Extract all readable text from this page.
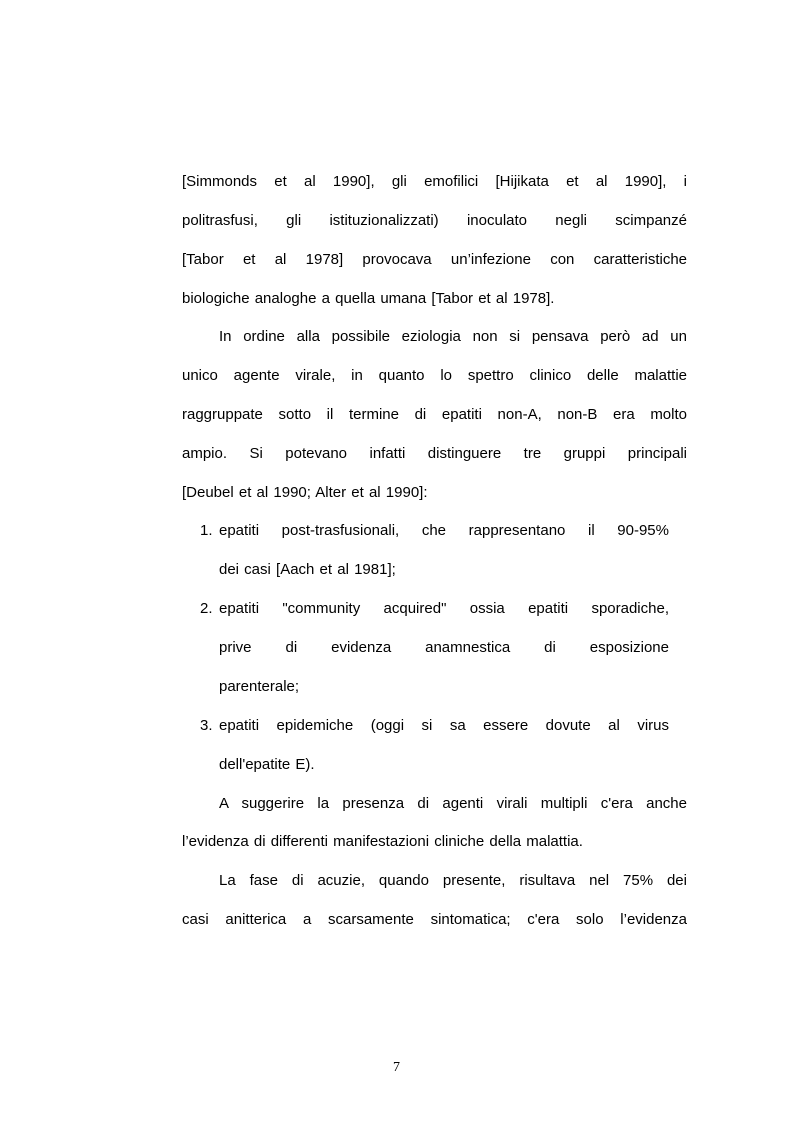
[Simmonds et al 1990], gli emofilici [Hijikata et al 1990], i
politrasfusi, gli istituzionalizzati) inoculato negli scimpanzé
[Tabor et al 1978] provocava un’infezione con caratteristiche
biologiche analoghe a quella umana [Tabor et al 1978].
In ordine alla possibile eziologia non si pensava però ad un
unico agente virale, in quanto lo spettro clinico delle malattie
raggruppate sotto il termine di epatiti non-A, non-B era molto
ampio. Si potevano infatti distinguere tre gruppi principali
[Deubel et al 1990; Alter et al 1990]:
1. epatiti post-trasfusionali, che rappresentano il 90-95%
dei casi [Aach et al 1981];
2. epatiti "community acquired" ossia epatiti sporadiche,
prive di evidenza anamnestica di esposizione
parenterale;
3. epatiti epidemiche (oggi si sa essere dovute al virus
dell'epatite E).
A suggerire la presenza di agenti virali multipli c'era anche
l’evidenza di differenti manifestazioni cliniche della malattia.
La fase di acuzie, quando presente, risultava nel 75% dei
casi anitterica a scarsamente sintomatica; c'era solo l’evidenza
7
